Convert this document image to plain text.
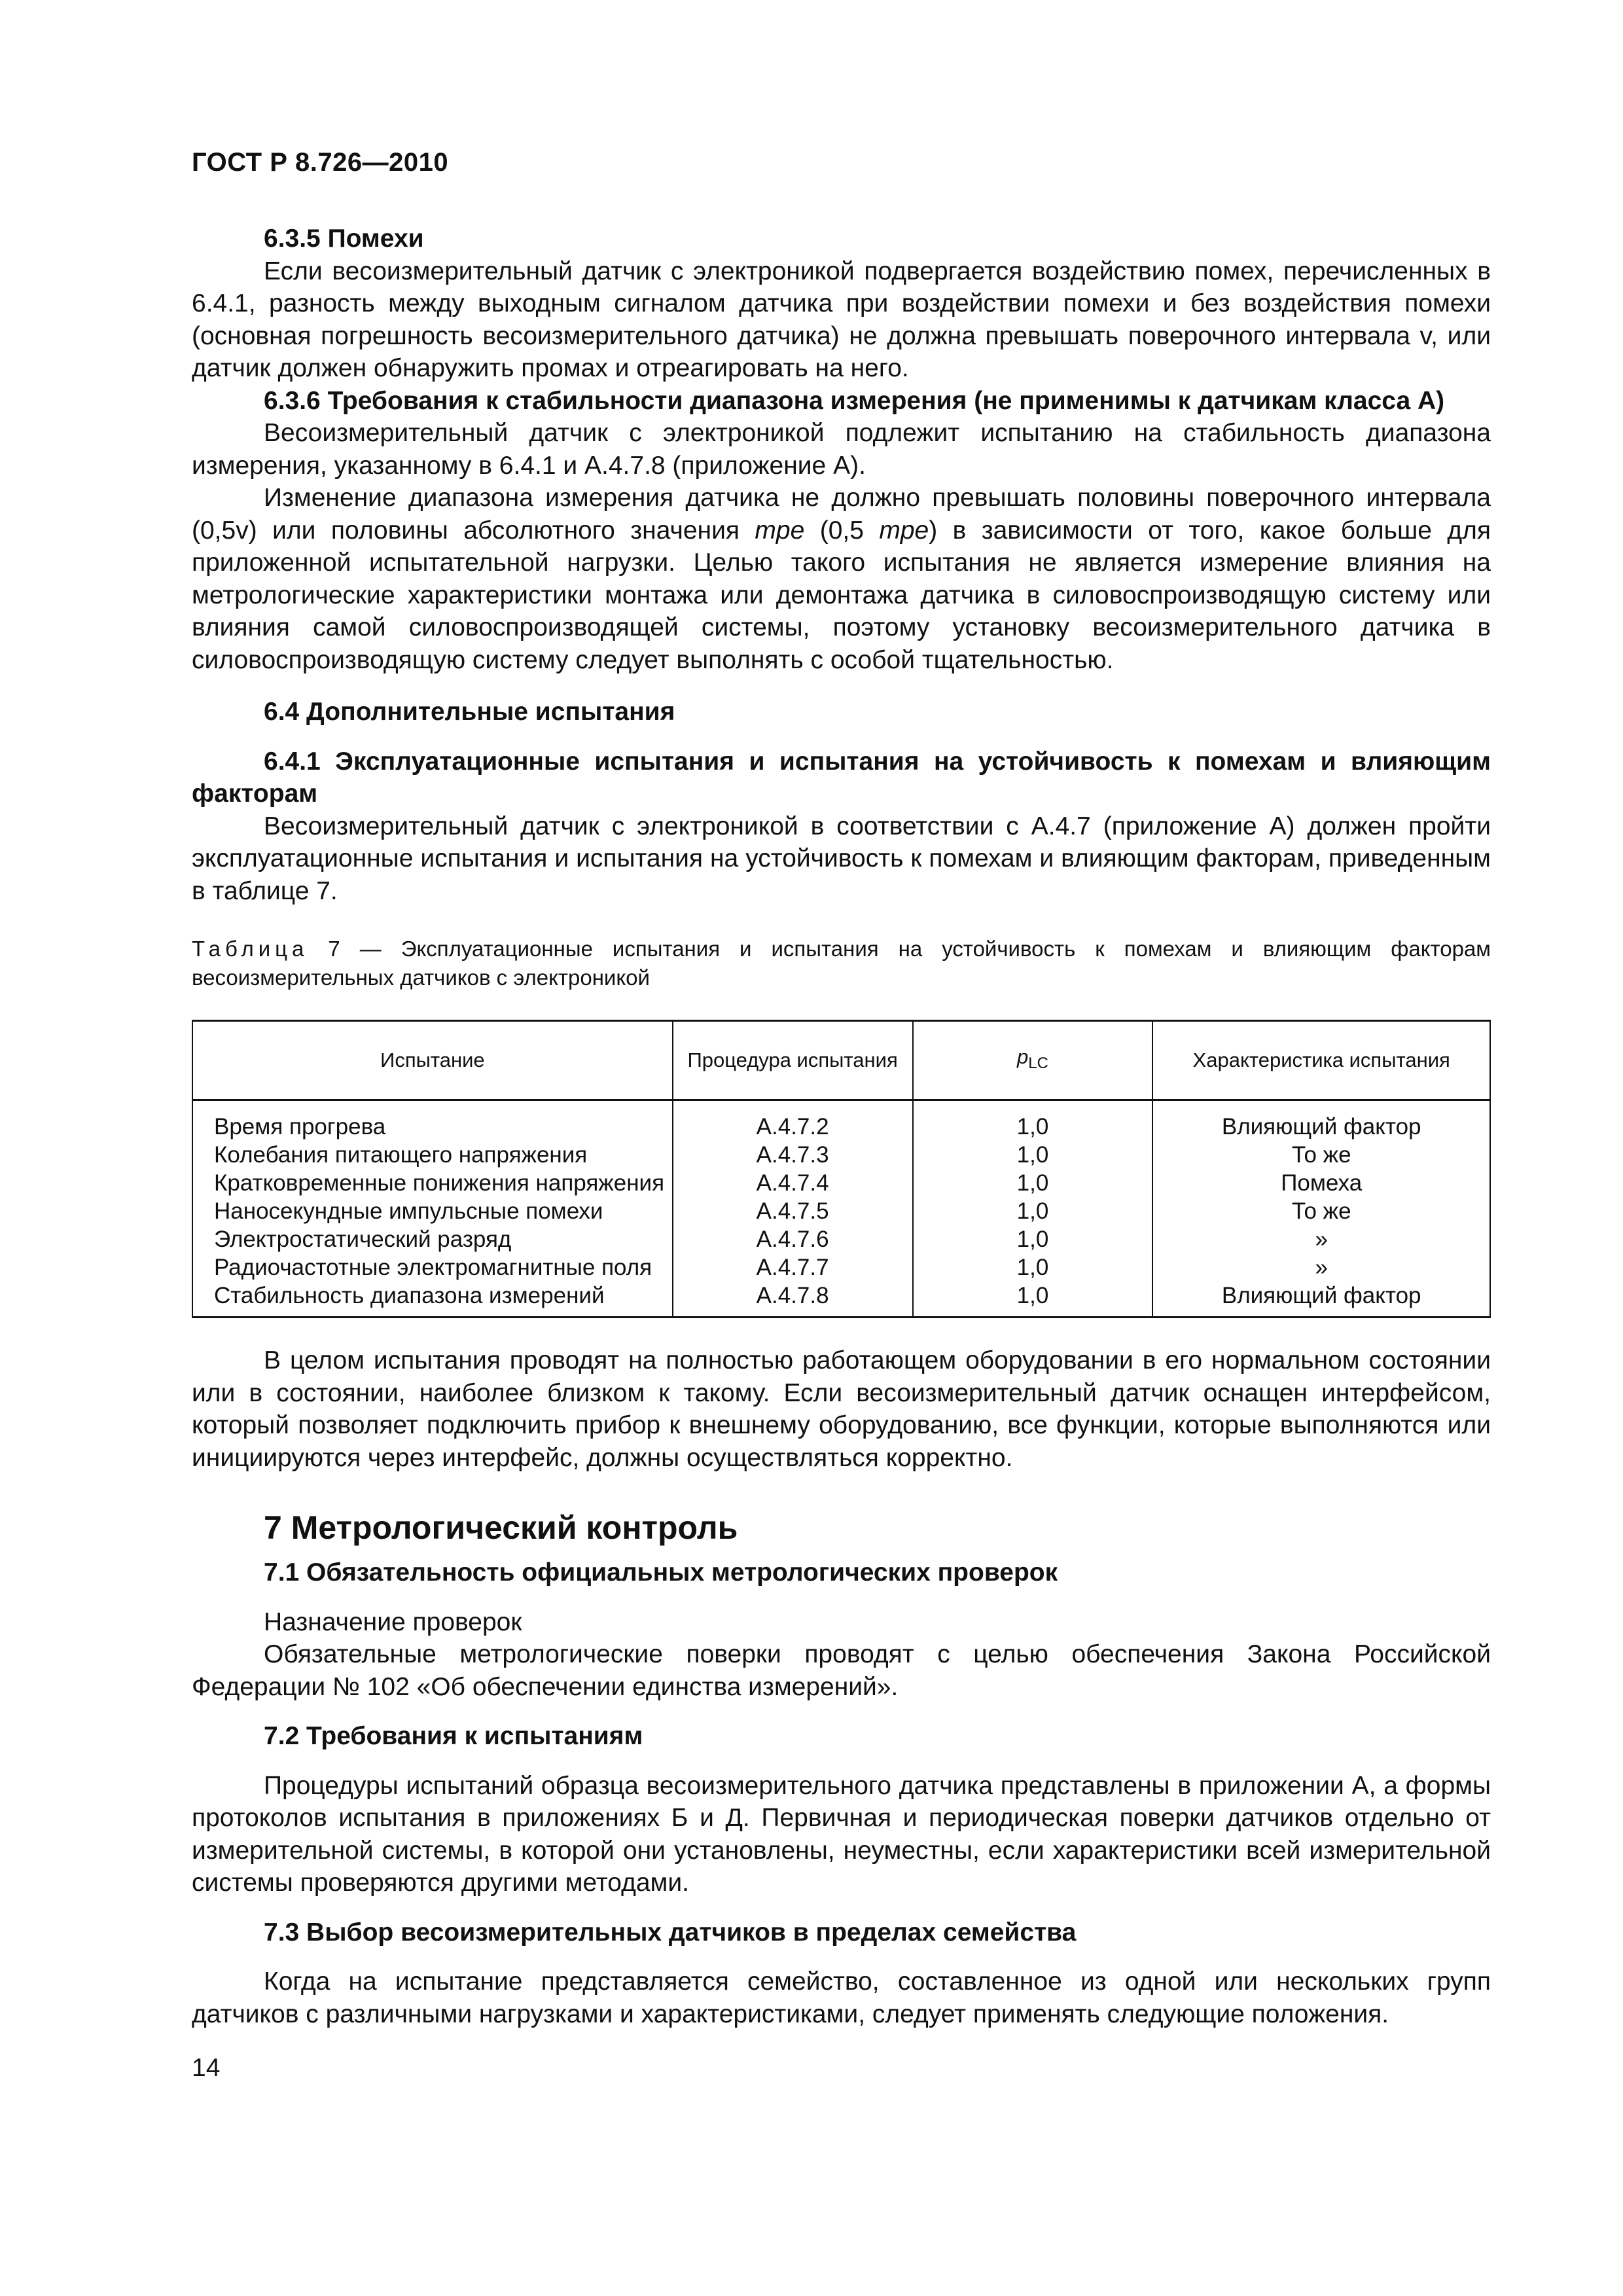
ГОСТ Р 8.726—2010

6.3.5 Помехи

Если весоизмерительный датчик с электроникой подвергается воздействию помех, перечисленных в 6.4.1, разность между выходным сигналом датчика при воздействии помехи и без воздействия помехи (основная погрешность весоизмерительного датчика) не должна превышать поверочного интервала v, или датчик должен обнаружить промах и отреагировать на него.

6.3.6 Требования к стабильности диапазона измерения (не применимы к датчикам класса А)

Весоизмерительный датчик с электроникой подлежит испытанию на стабильность диапазона измерения, указанному в 6.4.1 и А.4.7.8 (приложение А).

Изменение диапазона измерения датчика не должно превышать половины поверочного интервала (0,5v) или половины абсолютного значения mpe (0,5 mpe) в зависимости от того, какое больше для приложенной испытательной нагрузки. Целью такого испытания не является измерение влияния на метрологические характеристики монтажа или демонтажа датчика в силовоспроизводящую систему или влияния самой силовоспроизводящей системы, поэтому установку весоизмерительного датчика в силовоспроизводящую систему следует выполнять с особой тщательностью.

6.4 Дополнительные испытания

6.4.1 Эксплуатационные испытания и испытания на устойчивость к помехам и влияющим факторам

Весоизмерительный датчик с электроникой в соответствии с А.4.7 (приложение А) должен пройти эксплуатационные испытания и испытания на устойчивость к помехам и влияющим факторам, приведенным в таблице 7.

Таблица 7 — Эксплуатационные испытания и испытания на устойчивость к помехам и влияющим факторам весоизмерительных датчиков с электроникой

Испытание	Процедура испытания	$p_{LC}$	Характеристика испытания
Время прогрева	А.4.7.2	1,0	Влияющий фактор
Колебания питающего напряжения	А.4.7.3	1,0	То же
Кратковременные понижения напряжения	А.4.7.4	1,0	Помеха
Наносекундные импульсные помехи	А.4.7.5	1,0	То же
Электростатический разряд	А.4.7.6	1,0	»
Радиочастотные электромагнитные поля	А.4.7.7	1,0	»
Стабильность диапазона измерений	А.4.7.8	1,0	Влияющий фактор

В целом испытания проводят на полностью работающем оборудовании в его нормальном состоянии или в состоянии, наиболее близком к такому. Если весоизмерительный датчик оснащен интерфейсом, который позволяет подключить прибор к внешнему оборудованию, все функции, которые выполняются или инициируются через интерфейс, должны осуществляться корректно.

7 Метрологический контроль

7.1 Обязательность официальных метрологических проверок

Назначение проверок

Обязательные метрологические поверки проводят с целью обеспечения Закона Российской Федерации № 102 «Об обеспечении единства измерений».

7.2 Требования к испытаниям

Процедуры испытаний образца весоизмерительного датчика представлены в приложении А, а формы протоколов испытания в приложениях Б и Д. Первичная и периодическая поверки датчиков отдельно от измерительной системы, в которой они установлены, неуместны, если характеристики всей измерительной системы проверяются другими методами.

7.3 Выбор весоизмерительных датчиков в пределах семейства

Когда на испытание представляется семейство, составленное из одной или нескольких групп датчиков с различными нагрузками и характеристиками, следует применять следующие положения.

14
